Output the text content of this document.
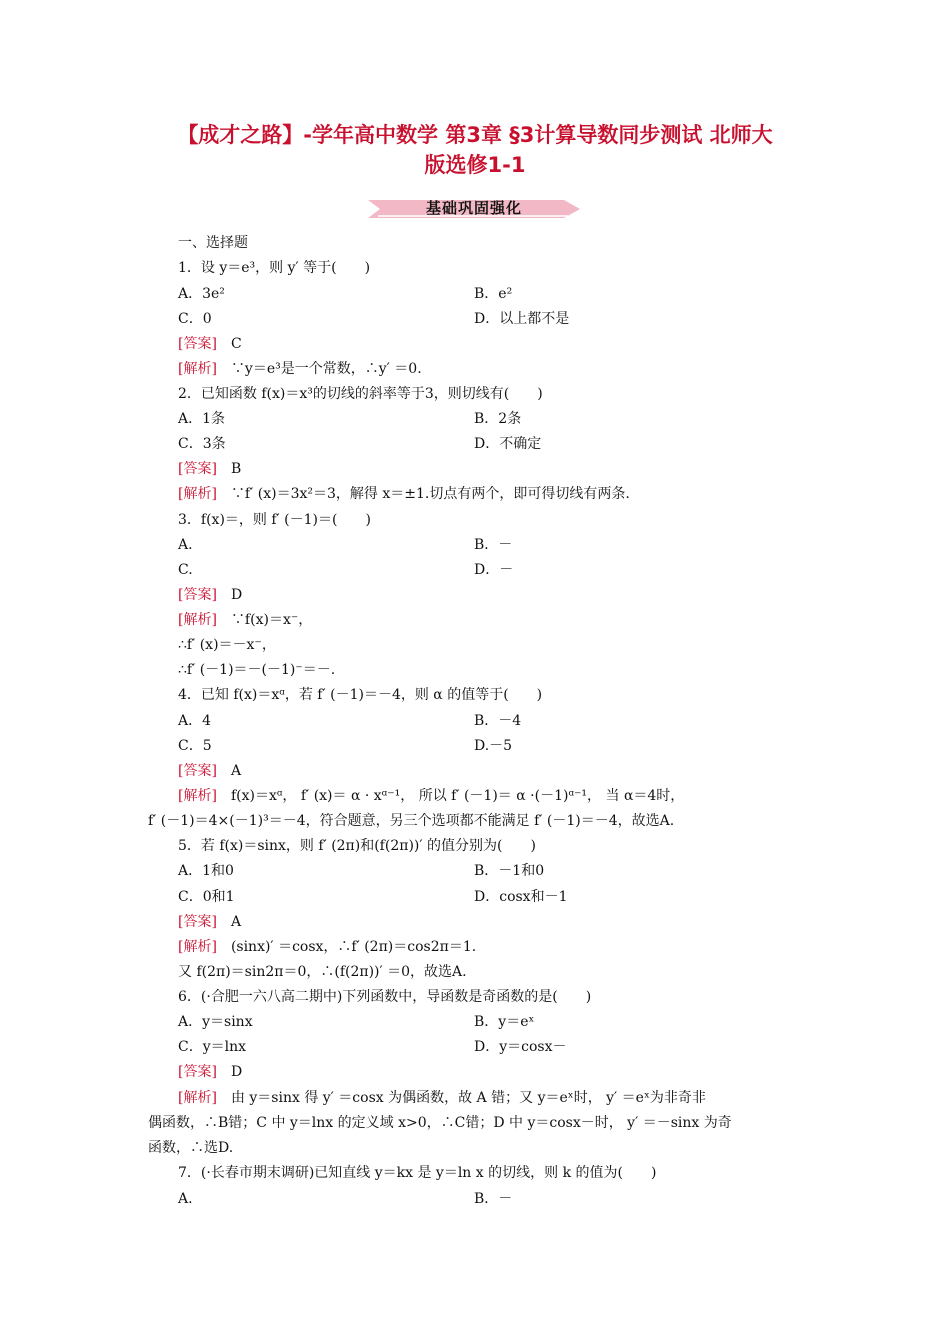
【成才之路】-学年高中数学 第3章 §3计算导数同步测试 北师大
版选修1-1
基础巩固强化
一、选择题
1．设 y＝e³，则 y′ 等于(　　)
A．3e²	B．e²
C．0	D．以上都不是
[答案]　 C
[解析]　 ∵y＝e³是一个常数，∴y′ ＝0.
2．已知函数 f(x)＝x³的切线的斜率等于3，则切线有(　　)
A．1条	B．2条
C．3条	D．不确定
[答案]　 B
[解析]　 ∵f′ (x)＝3x²＝3，解得 x＝±1.切点有两个，即可得切线有两条.
3．f(x)＝，则 f′ (－1)＝(　　)
A.	B．－
C.	D．－
[答案]　 D
[解析]　 ∵f(x)＝x⁻，
∴f′ (x)＝－x⁻，
∴f′ (－1)＝－(－1)⁻＝－.
4．已知 f(x)＝xᵅ，若 f′ (－1)＝－4，则 α 的值等于(　　)
A．4	B．－4
C．5	D.－5
[答案]　 A
[解析]　 f(x)＝xᵅ， f′ (x)＝ α · xᵅ⁻¹， 所以 f′ (－1)＝ α ·(－1)ᵅ⁻¹， 当 α＝4时，
f′ (－1)＝4×(－1)³＝－4，符合题意，另三个选项都不能满足 f′ (－1)＝－4，故选A.
5．若 f(x)＝sinx，则 f′ (2π)和(f(2π))′ 的值分别为(　　)
A．1和0	B．－1和0
C．0和1	D．cosx和－1
[答案]　 A
[解析]　 (sinx)′ ＝cosx，∴f′ (2π)＝cos2π＝1.
又 f(2π)＝sin2π＝0，∴(f(2π))′ ＝0，故选A.
6．(·合肥一六八高二期中)下列函数中，导函数是奇函数的是(　　)
A．y＝sinx	B．y＝eˣ
C．y＝lnx	D．y＝cosx－
[答案]　 D
[解析]　 由 y＝sinx 得 y′ ＝cosx 为偶函数，故 A 错；又 y＝eˣ时， y′ ＝eˣ为非奇非
偶函数，∴B错；C 中 y＝lnx 的定义域 x>0，∴C错；D 中 y＝cosx－时， y′ ＝－sinx 为奇
函数，∴选D.
7．(·长春市期末调研)已知直线 y＝kx 是 y＝ln x 的切线，则 k 的值为(　　)
A.	B．－
